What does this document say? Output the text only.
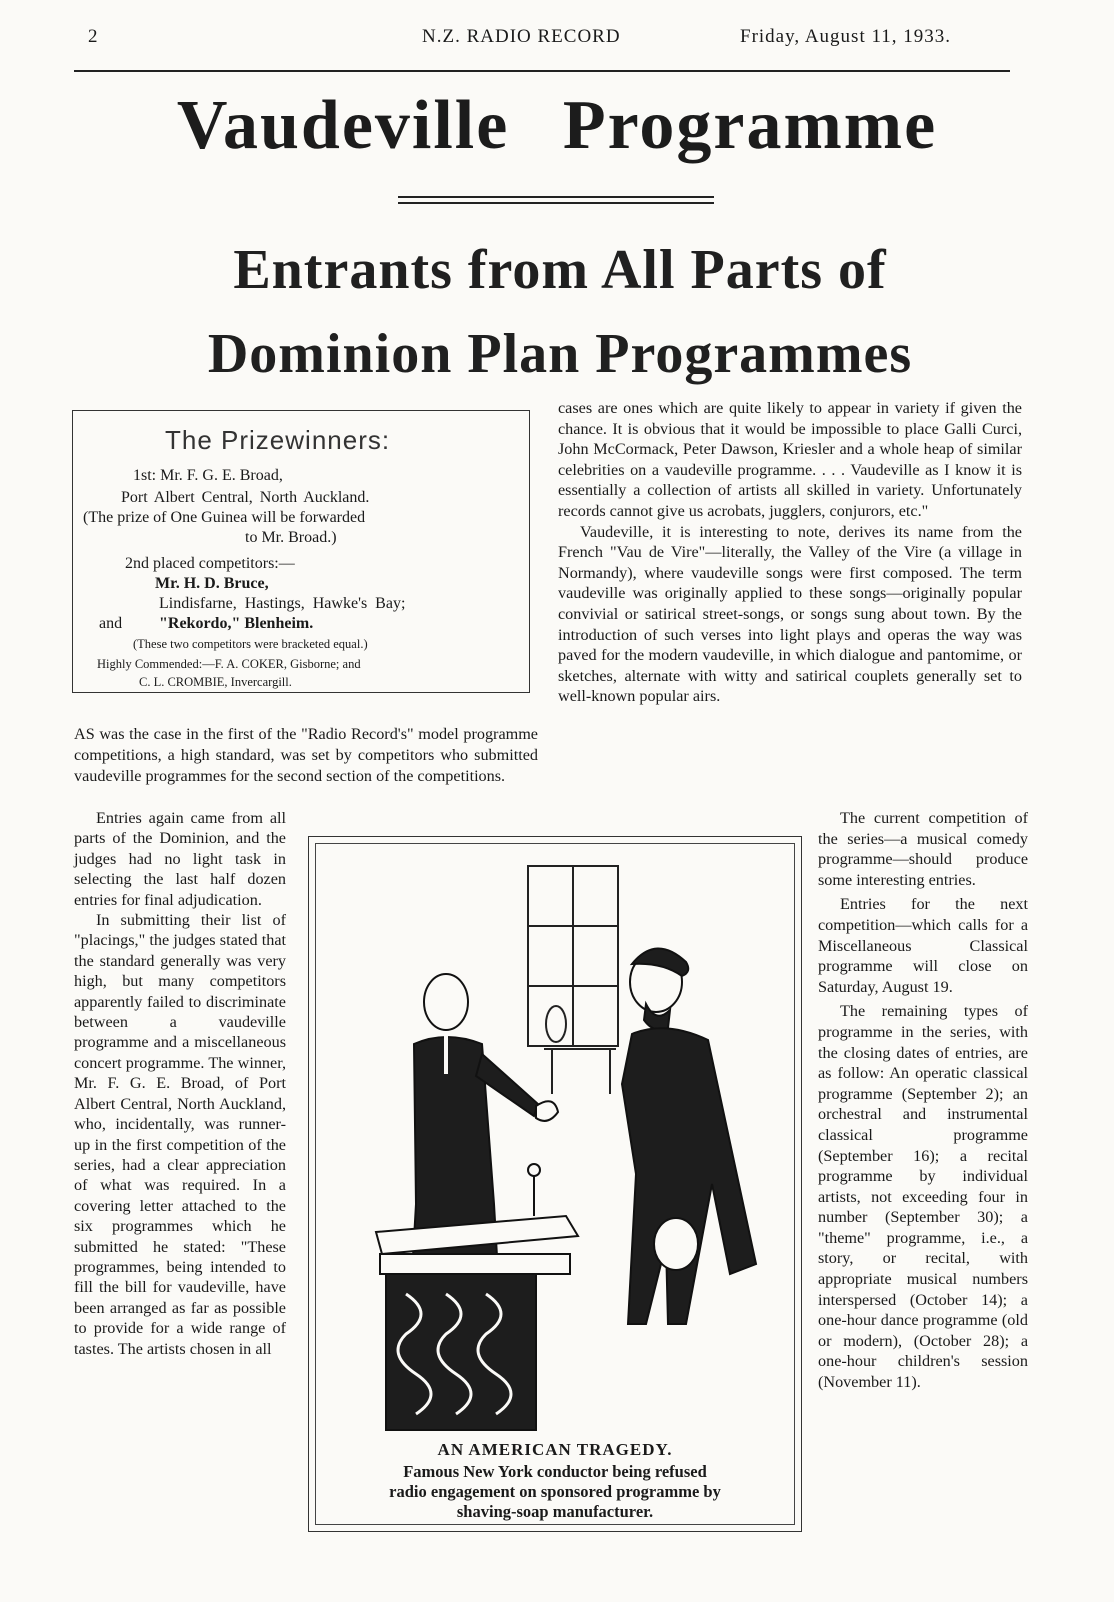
2	N.Z. RADIO RECORD	Friday, August 11, 1933.
Vaudeville Programme
Entrants from All Parts of
Dominion Plan Programmes
The Prizewinners:
1st: Mr. F. G. E. Broad,
Port Albert Central, North Auckland.
(The prize of One Guinea will be forwarded
to Mr. Broad.)
2nd placed competitors:—
Mr. H. D. Bruce,
Lindisfarne, Hastings, Hawke's Bay;
and "Rekordo," Blenheim.
(These two competitors were bracketed equal.)
Highly Commended:—F. A. COKER, Gisborne; and
C. L. CROMBIE, Invercargill.

cases are ones which are quite likely to appear in variety if given the chance. It is obvious that it would be impossible to place Galli Curci, John McCormack, Peter Dawson, Kriesler and a whole heap of similar celebrities on a vaudeville programme. . . . Vaudeville as I know it is essentially a collection of artists all skilled in variety. Unfortunately records cannot give us acrobats, jugglers, conjurors, etc."

Vaudeville, it is interesting to note, derives its name from the French "Vau de Vire"—literally, the Valley of the Vire (a village in Normandy), where vaudeville songs were first composed. The term vaudeville was originally applied to these songs—originally popular convivial or satirical street-songs, or songs sung about town. By the introduction of such verses into light plays and operas the way was paved for the modern vaudeville, in which dialogue and pantomime, or sketches, alternate with witty and satirical couplets generally set to well-known popular airs.

AS was the case in the first of the "Radio Record's" model programme competitions, a high standard, was set by competitors who submitted vaudeville programmes for the second section of the competitions.

Entries again came from all parts of the Dominion, and the judges had no light task in selecting the last half dozen entries for final adjudication.

In submitting their list of "placings," the judges stated that the standard generally was very high, but many competitors apparently failed to discriminate between a vaudeville programme and a miscellaneous concert programme. The winner, Mr. F. G. E. Broad, of Port Albert Central, North Auckland, who, incidentally, was runner-up in the first competition of the series, had a clear appreciation of what was required. In a covering letter attached to the six programmes which he submitted he stated: "These programmes, being intended to fill the bill for vaudeville, have been arranged as far as possible to provide for a wide range of tastes. The artists chosen in all

The current competition of the series—a musical comedy programme—should produce some interesting entries.

Entries for the next competition—which calls for a Miscellaneous Classical programme will close on Saturday, August 19.

The remaining types of programme in the series, with the closing dates of entries, are as follow: An operatic classical programme (September 2); an orchestral and instrumental classical programme (September 16); a recital programme by individual artists, not exceeding four in number (September 30); a "theme" programme, i.e., a story, or recital, with appropriate musical numbers interspersed (October 14); a one-hour dance programme (old or modern), (October 28); a one-hour children's session (November 11).

AN AMERICAN TRAGEDY.
Famous New York conductor being refused
radio engagement on sponsored programme by
shaving-soap manufacturer.
